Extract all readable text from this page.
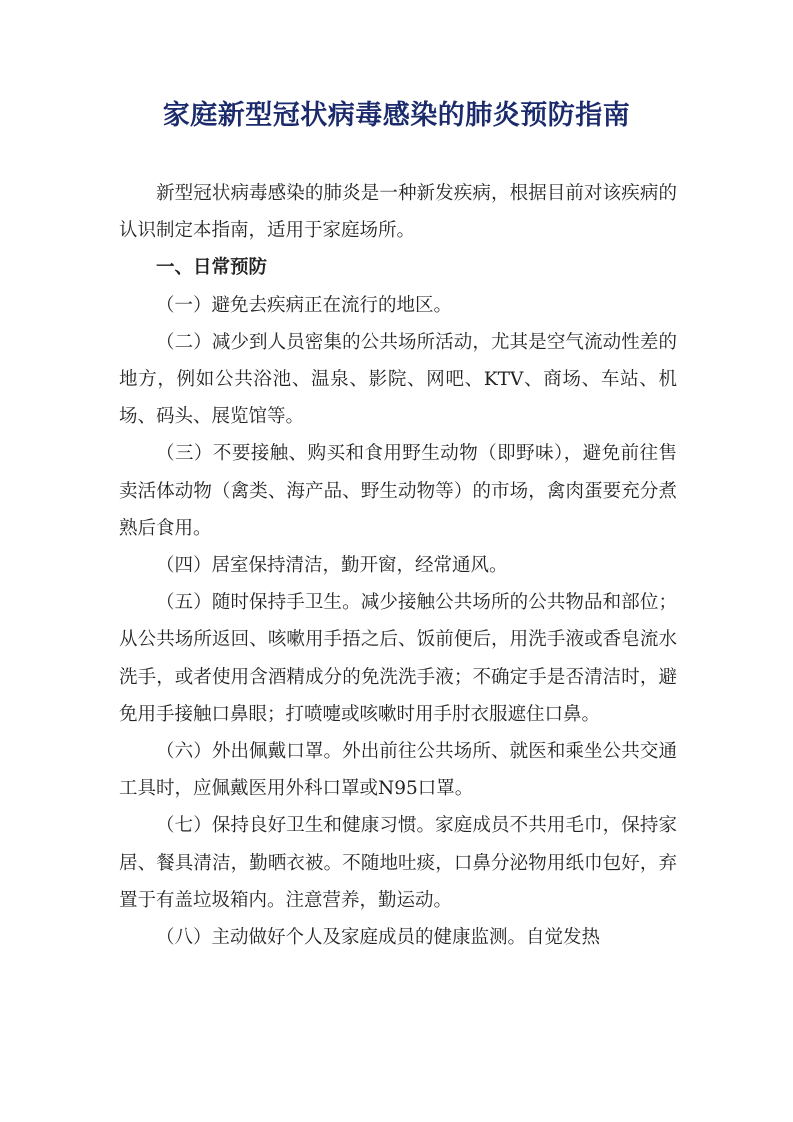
家庭新型冠状病毒感染的肺炎预防指南

新型冠状病毒感染的肺炎是一种新发疾病，根据目前对该疾病的认识制定本指南，适用于家庭场所。

一、日常预防

（一）避免去疾病正在流行的地区。

（二）减少到人员密集的公共场所活动，尤其是空气流动性差的地方，例如公共浴池、温泉、影院、网吧、KTV、商场、车站、机场、码头、展览馆等。

（三）不要接触、购买和食用野生动物（即野味），避免前往售卖活体动物（禽类、海产品、野生动物等）的市场，禽肉蛋要充分煮熟后食用。

（四）居室保持清洁，勤开窗，经常通风。

（五）随时保持手卫生。减少接触公共场所的公共物品和部位；从公共场所返回、咳嗽用手捂之后、饭前便后，用洗手液或香皂流水洗手，或者使用含酒精成分的免洗洗手液；不确定手是否清洁时，避免用手接触口鼻眼；打喷嚏或咳嗽时用手肘衣服遮住口鼻。

（六）外出佩戴口罩。外出前往公共场所、就医和乘坐公共交通工具时，应佩戴医用外科口罩或N95口罩。

（七）保持良好卫生和健康习惯。家庭成员不共用毛巾，保持家居、餐具清洁，勤晒衣被。不随地吐痰，口鼻分泌物用纸巾包好，弃置于有盖垃圾箱内。注意营养，勤运动。

（八）主动做好个人及家庭成员的健康监测。自觉发热
